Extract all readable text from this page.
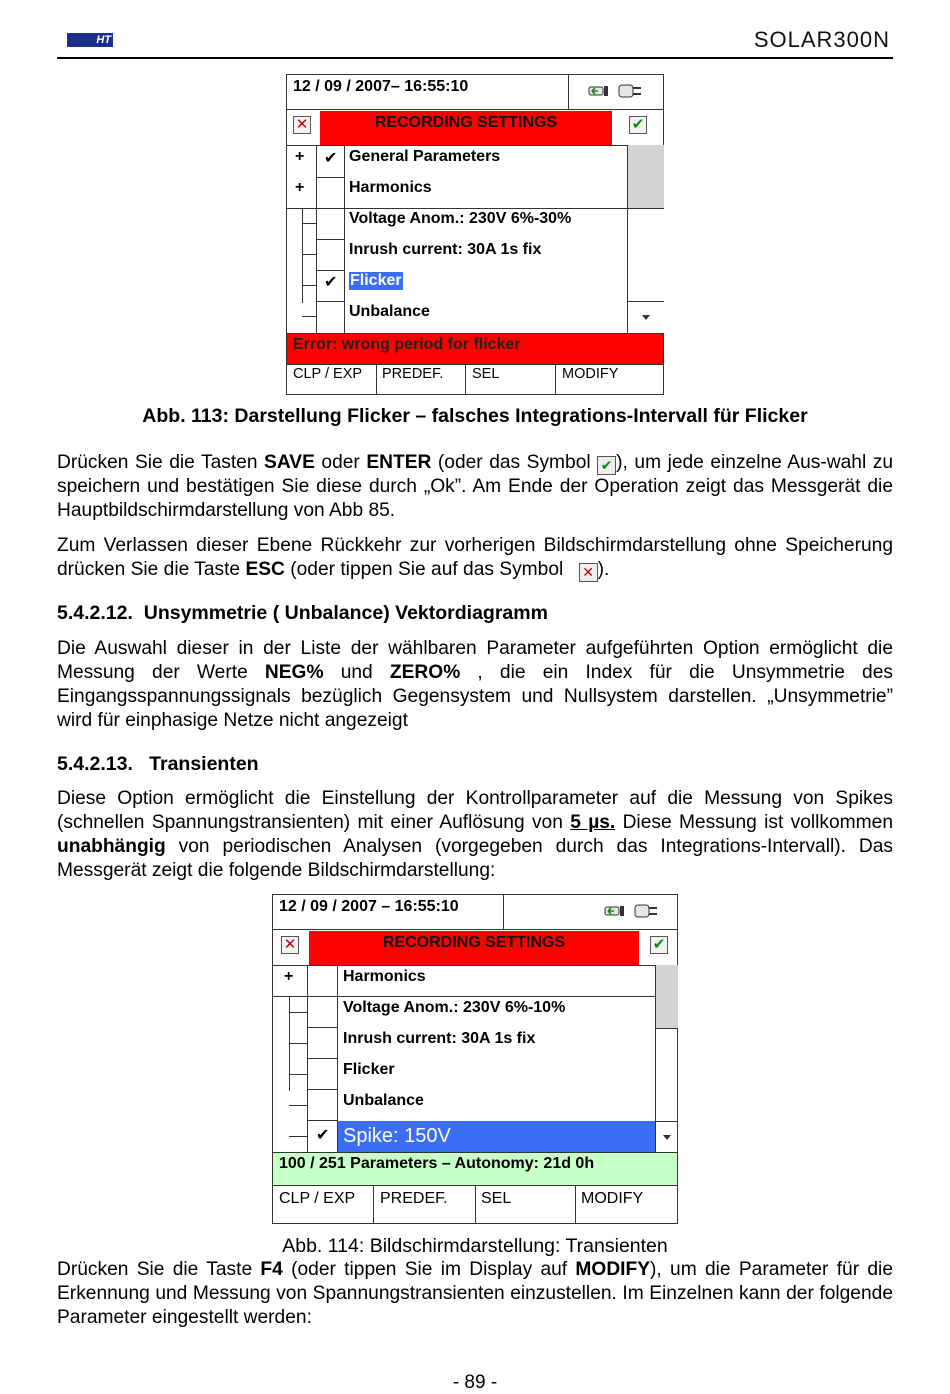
HT	SOLAR300N
12 / 09 / 2007– 16:55:10
✕	RECORDING SETTINGS	✔
+ ✔ General Parameters
+	Harmonics
Voltage Anom.: 230V 6%-30%
Inrush current: 30A 1s fix
✔ Flicker
Unbalance
Error: wrong period for flicker
CLP / EXP PREDEF. SEL	MODIFY
Abb. 113: Darstellung Flicker – falsches Integrations-Intervall für Flicker
Drücken Sie die Tasten SAVE oder ENTER (oder das Symbol ✔ ), um jede einzelne Aus-wahl zu speichern und bestätigen Sie diese durch „Ok”. Am Ende der Operation zeigt das Messgerät die Hauptbildschirmdarstellung von Abb 85.
Zum Verlassen dieser Ebene Rückkehr zur vorherigen Bildschirmdarstellung ohne Speicherung drücken Sie die Taste ESC (oder tippen Sie auf das Symbol ✕ ).
5.4.2.12.  Unsymmetrie ( Unbalance) Vektordiagramm
Die Auswahl dieser in der Liste der wählbaren Parameter aufgeführten Option ermöglicht die Messung der Werte NEG% und ZERO% , die ein Index für die Unsymmetrie des Eingangsspannungssignals bezüglich Gegensystem und Nullsystem darstellen. „Unsymmetrie” wird für einphasige Netze nicht angezeigt
5.4.2.13.   Transienten
Diese Option ermöglicht die Einstellung der Kontrollparameter auf die Messung von Spikes (schnellen Spannungstransienten) mit einer Auflösung von 5 µs. Diese Messung ist vollkommen unabhängig von periodischen Analysen (vorgegeben durch das Integrations-Intervall). Das Messgerät zeigt die folgende Bildschirmdarstellung:
12 / 09 / 2007 – 16:55:10
✕	RECORDING SETTINGS	✔
+	Harmonics
Voltage Anom.: 230V 6%-10%
Inrush current: 30A 1s fix
Flicker
Unbalance
✔ Spike: 150V
100 / 251 Parameters – Autonomy: 21d 0h
CLP / EXP PREDEF. SEL	MODIFY
Abb. 114: Bildschirmdarstellung: Transienten
Drücken Sie die Taste F4 (oder tippen Sie im Display auf MODIFY), um die Parameter für die Erkennung und Messung von Spannungstransienten einzustellen. Im Einzelnen kann der folgende Parameter eingestellt werden:
- 89 -
